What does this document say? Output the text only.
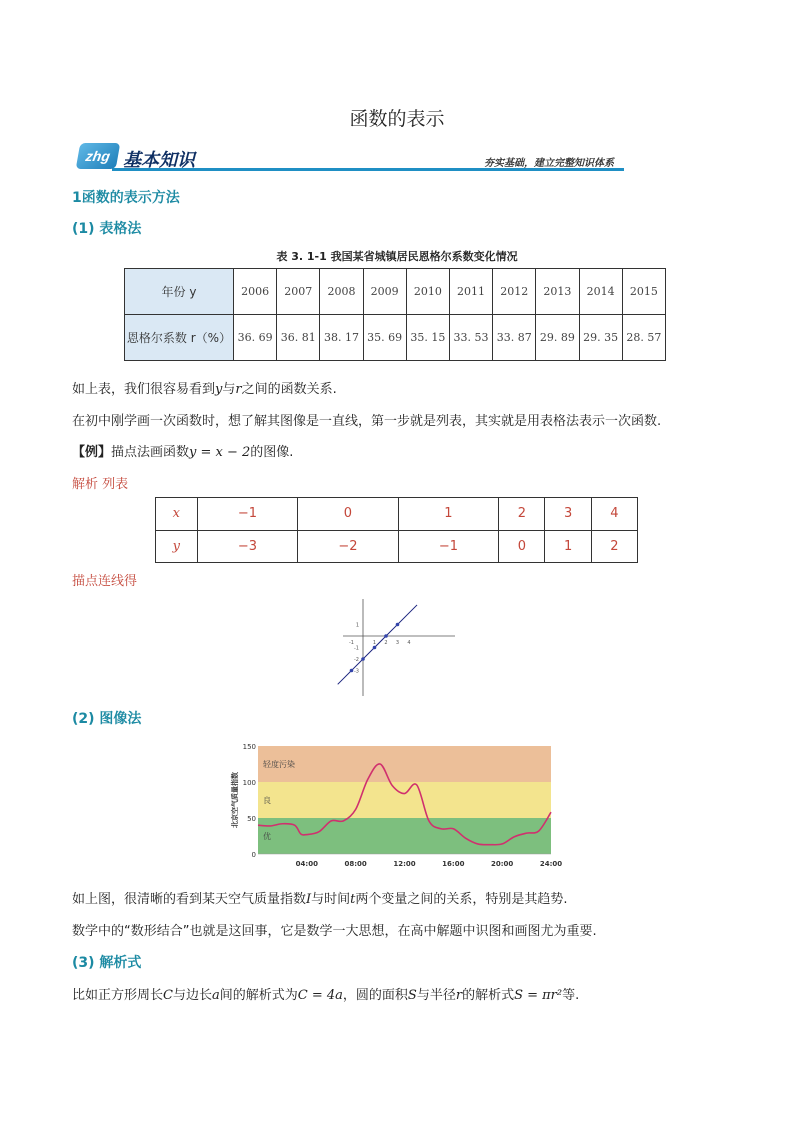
函数的表示
zhg 基本知识	夯实基础，建立完整知识体系
1函数的表示方法
(1) 表格法
表 3. 1-1 我国某省城镇居民恩格尔系数变化情况
年份 y	2006	2007	2008	2009	2010	2011	2012	2013	2014	2015
恩格尔系数 r（%）	36. 69	36. 81	38. 17	35. 69	35. 15	33. 53	33. 87	29. 89	29. 35	28. 57
如上表，我们很容易看到y与r之间的函数关系.
在初中刚学画一次函数时，想了解其图像是一直线，第一步就是列表，其实就是用表格法表示一次函数.
【例】描点法画函数y = x − 2的图像.
解析 列表
x	−1	0	1	2	3	4
y	−3	−2	−1	0	1	2
描点连线得
-1	1 2 3 4
1
-1
-2
-3
(2) 图像法
优
良
轻度污染
0
50
100
150
04:00	08:00	12:00	16:00	20:00	24:00
北京空气质量指数
如上图，很清晰的看到某天空气质量指数I与时间t两个变量之间的关系，特别是其趋势.
数学中的“数形结合”也就是这回事，它是数学一大思想，在高中解题中识图和画图尤为重要.
(3) 解析式
比如正方形周长C与边长a间的解析式为C = 4a，圆的面积S与半径r的解析式S = πr²等.
